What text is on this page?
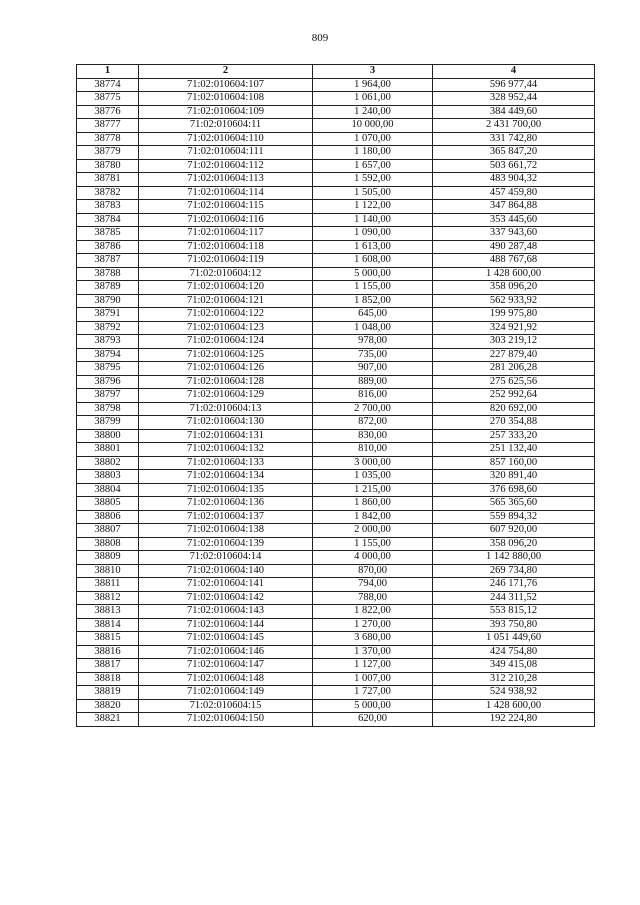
809
1	2	3	4
38774	71:02:010604:107	1 964,00	596 977,44
38775	71:02:010604:108	1 061,00	328 952,44
38776	71:02:010604:109	1 240,00	384 449,60
38777	71:02:010604:11	10 000,00	2 431 700,00
38778	71:02:010604:110	1 070,00	331 742,80
38779	71:02:010604:111	1 180,00	365 847,20
38780	71:02:010604:112	1 657,00	503 661,72
38781	71:02:010604:113	1 592,00	483 904,32
38782	71:02:010604:114	1 505,00	457 459,80
38783	71:02:010604:115	1 122,00	347 864,88
38784	71:02:010604:116	1 140,00	353 445,60
38785	71:02:010604:117	1 090,00	337 943,60
38786	71:02:010604:118	1 613,00	490 287,48
38787	71:02:010604:119	1 608,00	488 767,68
38788	71:02:010604:12	5 000,00	1 428 600,00
38789	71:02:010604:120	1 155,00	358 096,20
38790	71:02:010604:121	1 852,00	562 933,92
38791	71:02:010604:122	645,00	199 975,80
38792	71:02:010604:123	1 048,00	324 921,92
38793	71:02:010604:124	978,00	303 219,12
38794	71:02:010604:125	735,00	227 879,40
38795	71:02:010604:126	907,00	281 206,28
38796	71:02:010604:128	889,00	275 625,56
38797	71:02:010604:129	816,00	252 992,64
38798	71:02:010604:13	2 700,00	820 692,00
38799	71:02:010604:130	872,00	270 354,88
38800	71:02:010604:131	830,00	257 333,20
38801	71:02:010604:132	810,00	251 132,40
38802	71:02:010604:133	3 000,00	857 160,00
38803	71:02:010604:134	1 035,00	320 891,40
38804	71:02:010604:135	1 215,00	376 698,60
38805	71:02:010604:136	1 860,00	565 365,60
38806	71:02:010604:137	1 842,00	559 894,32
38807	71:02:010604:138	2 000,00	607 920,00
38808	71:02:010604:139	1 155,00	358 096,20
38809	71:02:010604:14	4 000,00	1 142 880,00
38810	71:02:010604:140	870,00	269 734,80
38811	71:02:010604:141	794,00	246 171,76
38812	71:02:010604:142	788,00	244 311,52
38813	71:02:010604:143	1 822,00	553 815,12
38814	71:02:010604:144	1 270,00	393 750,80
38815	71:02:010604:145	3 680,00	1 051 449,60
38816	71:02:010604:146	1 370,00	424 754,80
38817	71:02:010604:147	1 127,00	349 415,08
38818	71:02:010604:148	1 007,00	312 210,28
38819	71:02:010604:149	1 727,00	524 938,92
38820	71:02:010604:15	5 000,00	1 428 600,00
38821	71:02:010604:150	620,00	192 224,80
